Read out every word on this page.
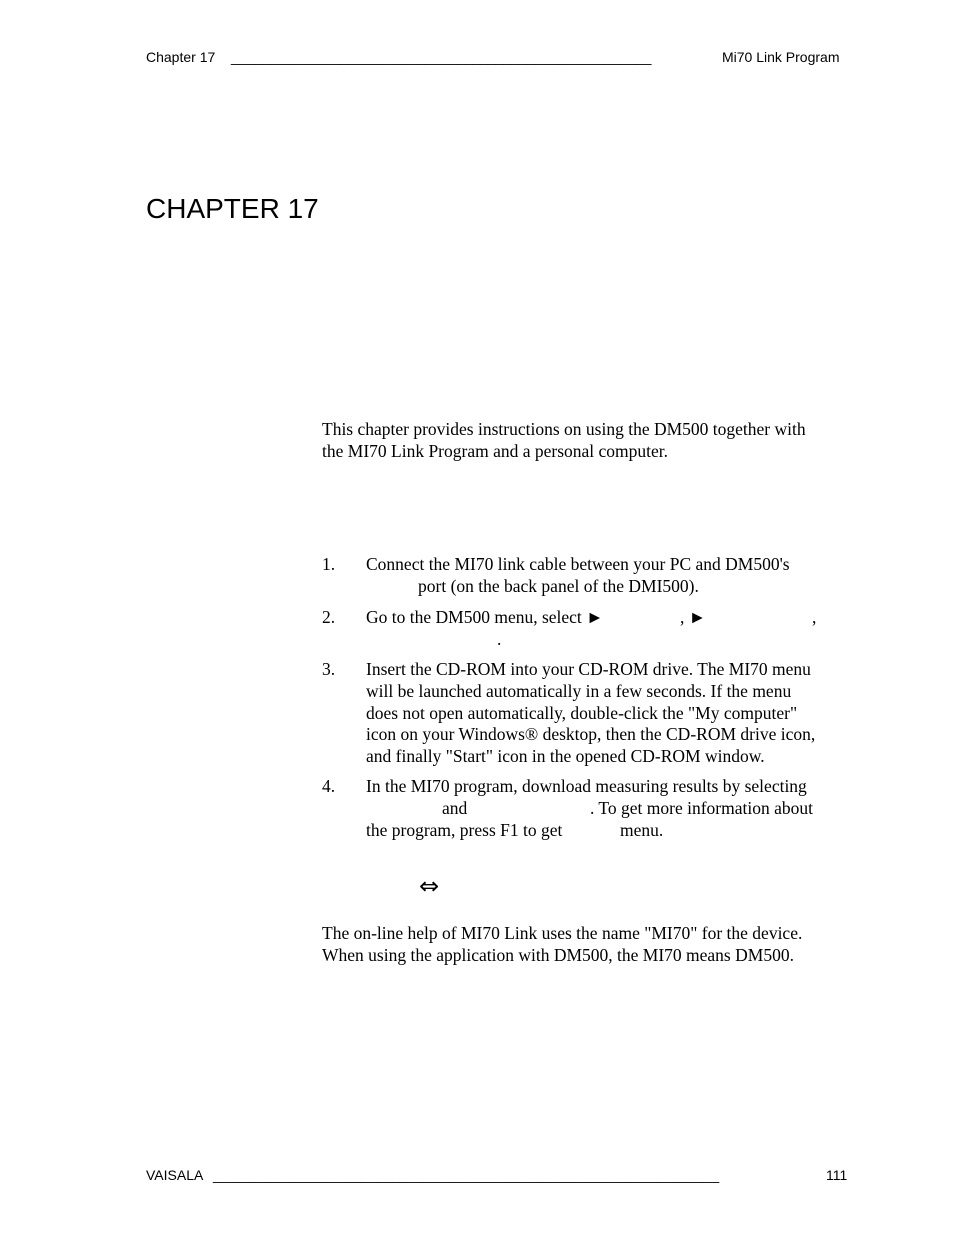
Chapter 17 ______________________________________________________	Mi70 Link Program
CHAPTER 17
This chapter provides instructions on using the DM500 together with
the MI70 Link Program and a personal computer.
1. Connect the MI70 link cable between your PC and DM500's
port (on the back panel of the DMI500).
2. Go to the DM500 menu, select ►	, ►	,
.
3. Insert the CD-ROM into your CD-ROM drive. The MI70 menu
will be launched automatically in a few seconds. If the menu
does not open automatically, double-click the "My computer"
icon on your Windows® desktop, then the CD-ROM drive icon,
and finally "Start" icon in the opened CD-ROM window.
4. In the MI70 program, download measuring results by selecting
and	. To get more information about
the program, press F1 to get	menu.
⇔
The on-line help of MI70 Link uses the name "MI70" for the device.
When using the application with DM500, the MI70 means DM500.
VAISALA _________________________________________________________________	111
